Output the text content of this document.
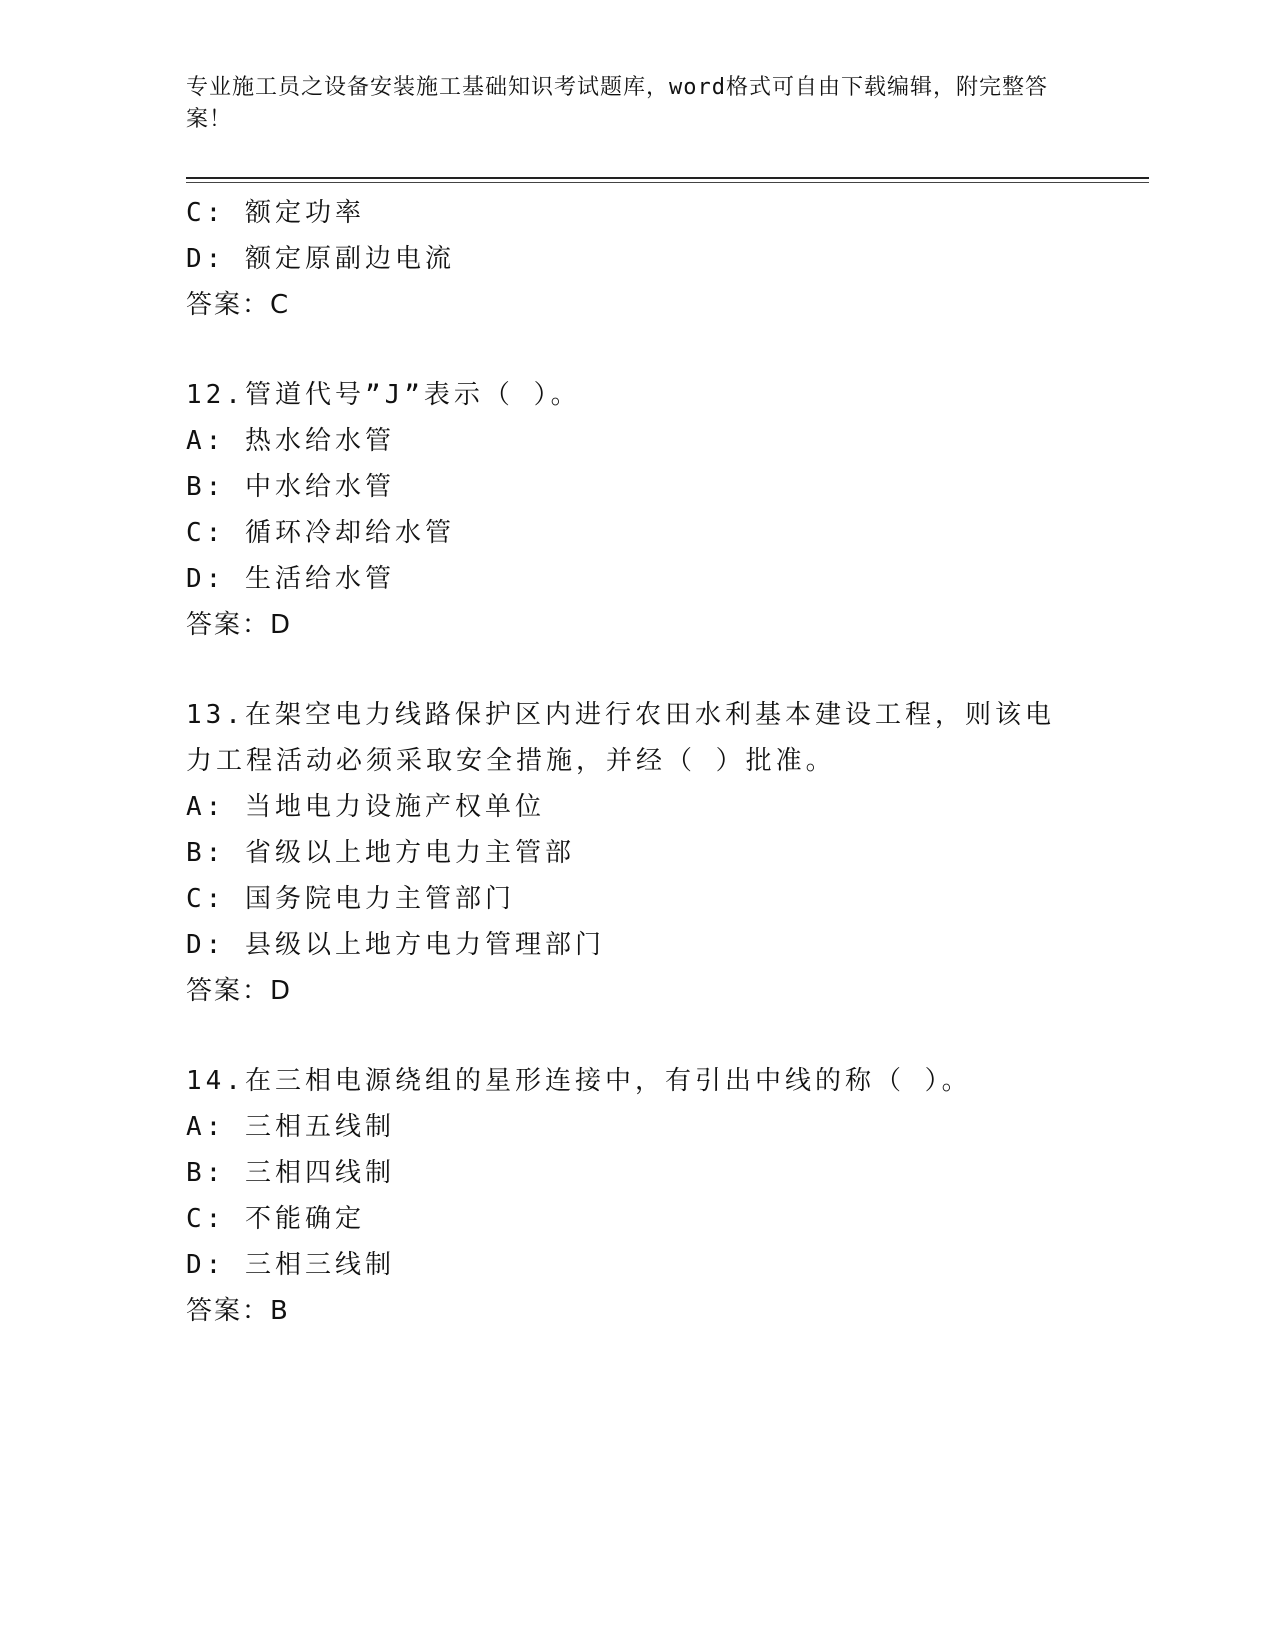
专业施工员之设备安装施工基础知识考试题库，word格式可自由下载编辑，附完整答案！
C: 额定功率
D: 额定原副边电流
答案：C
12.管道代号”J”表示（ ）。
A: 热水给水管
B: 中水给水管
C: 循环冷却给水管
D: 生活给水管
答案：D
13.在架空电力线路保护区内进行农田水利基本建设工程，则该电力工程活动必须采取安全措施，并经（ ）批准。
A: 当地电力设施产权单位
B: 省级以上地方电力主管部
C: 国务院电力主管部门
D: 县级以上地方电力管理部门
答案：D
14.在三相电源绕组的星形连接中，有引出中线的称（ ）。
A: 三相五线制
B: 三相四线制
C: 不能确定
D: 三相三线制
答案：B
